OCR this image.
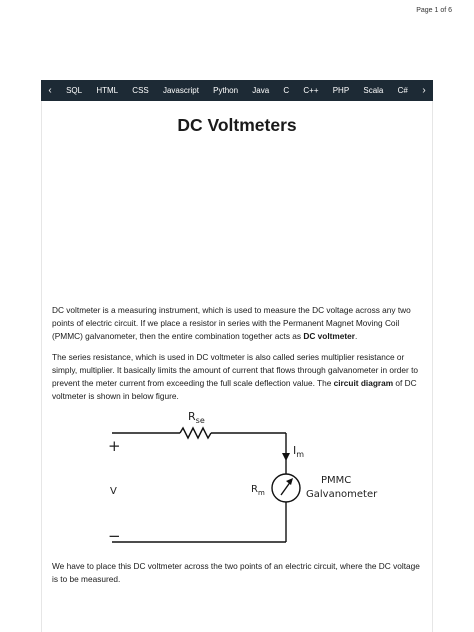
Page 1 of 6
‹	SQL HTML CSS Javascript Python Java C C++ PHP Scala C#	›
DC Voltmeters

DC voltmeter is a measuring instrument, which is used to measure the DC voltage across any two points of electric circuit. If we place a resistor in series with the Permanent Magnet Moving Coil (PMMC) galvanometer, then the entire combination together acts as DC voltmeter.

The series resistance, which is used in DC voltmeter is also called series multiplier resistance or simply, multiplier. It basically limits the amount of current that flows through galvanometer in order to prevent the meter current from exceeding the full scale deflection value. The circuit diagram of DC voltmeter is shown in below figure.

$R_{se}$
$I_m$
$R_m$
+
V
−
PMMC
Galvanometer

We have to place this DC voltmeter across the two points of an electric circuit, where the DC voltage is to be measured.
